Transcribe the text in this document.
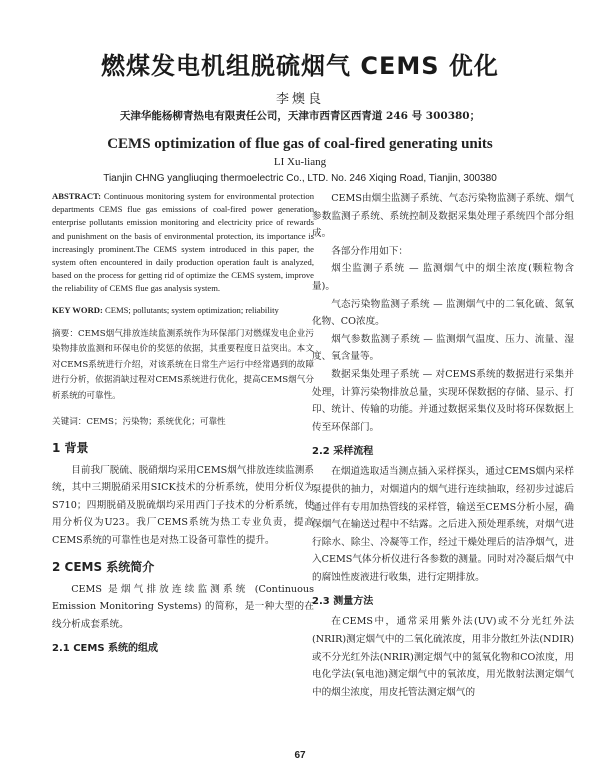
燃煤发电机组脱硫烟气 CEMS 优化
李燠良
天津华能杨柳青热电有限责任公司，天津市西青区西青道 246 号 300380；
CEMS optimization of flue gas of coal-fired generating units
LI Xu-liang
Tianjin CHNG yangliuqing thermoelectric Co., LTD. No. 246 Xiqing Road, Tianjin, 300380

ABSTRACT: Continuous monitoring system for environmental protection departments CEMS flue gas emissions of coal-fired power generation enterprise pollutants emission monitoring and electricity price of rewards and punishment on the basis of environmental protection, its importance is increasingly prominent.The CEMS system introduced in this paper, the system often encountered in daily production operation fault is analyzed, based on the process for getting rid of optimize the CEMS system, improve the reliability of CEMS flue gas analysis system.

KEY WORD: CEMS; pollutants; system optimization; reliability

摘要：CEMS烟气排放连续监测系统作为环保部门对燃煤发电企业污染物排放监测和环保电价的奖惩的依据，其重要程度日益突出。本文对CEMS系统进行介绍，对该系统在日常生产运行中经常遇到的故障进行分析，依据消缺过程对CEMS系统进行优化，提高CEMS烟气分析系统的可靠性。

关键词：CEMS；污染物；系统优化；可靠性

1 背景

目前我厂脱硫、脱硝烟均采用CEMS烟气排放连续监测系统，其中三期脱硝采用SICK技术的分析系统，使用分析仪为S710；四期脱硝及脱硫烟均采用西门子技术的分析系统，使用分析仪为U23。我厂CEMS系统为热工专业负责，提高CEMS系统的可靠性也是对热工设备可靠性的提升。

2 CEMS 系统简介

CEMS 是烟气排放连续监测系统 (Continuous Emission Monitoring Systems) 的简称，是一种大型的在线分析成套系统。

2.1 CEMS 系统的组成

CEMS由烟尘监测子系统、气态污染物监测子系统、烟气参数监测子系统、系统控制及数据采集处理子系统四个部分组成。

各部分作用如下：

烟尘监测子系统 — 监测烟气中的烟尘浓度(颗粒物含量)。

气态污染物监测子系统 — 监测烟气中的二氧化硫、氮氧化物、CO浓度。

烟气参数监测子系统 — 监测烟气温度、压力、流量、湿度、氧含量等。

数据采集处理子系统 — 对CEMS系统的数据进行采集并处理，计算污染物排放总量，实现环保数据的存储、显示、打印、统计、传输的功能。并通过数据采集仪及时将环保数据上传至环保部门。

2.2 采样流程

在烟道选取适当测点插入采样探头，通过CEMS烟内采样泵提供的抽力，对烟道内的烟气进行连续抽取，经初步过滤后通过伴有专用加热管线的采样管，输送至CEMS分析小屋，确保烟气在输送过程中不结露。之后进入预处理系统，对烟气进行除水、除尘、冷凝等工作，经过干燥处理后的洁净烟气，进入CEMS气体分析仪进行各参数的测量。同时对冷凝后烟气中的腐蚀性废液进行收集，进行定期排放。

2.3 测量方法

在CEMS中，通常采用紫外法(UV)或不分光红外法(NRIR)测定烟气中的二氧化硫浓度，用非分散红外法(NDIR)或不分光红外法(NRIR)测定烟气中的氮氧化物和CO浓度，用电化学法(氧电池)测定烟气中的氧浓度，用光散射法测定烟气中的烟尘浓度，用皮托管法测定烟气的

67
